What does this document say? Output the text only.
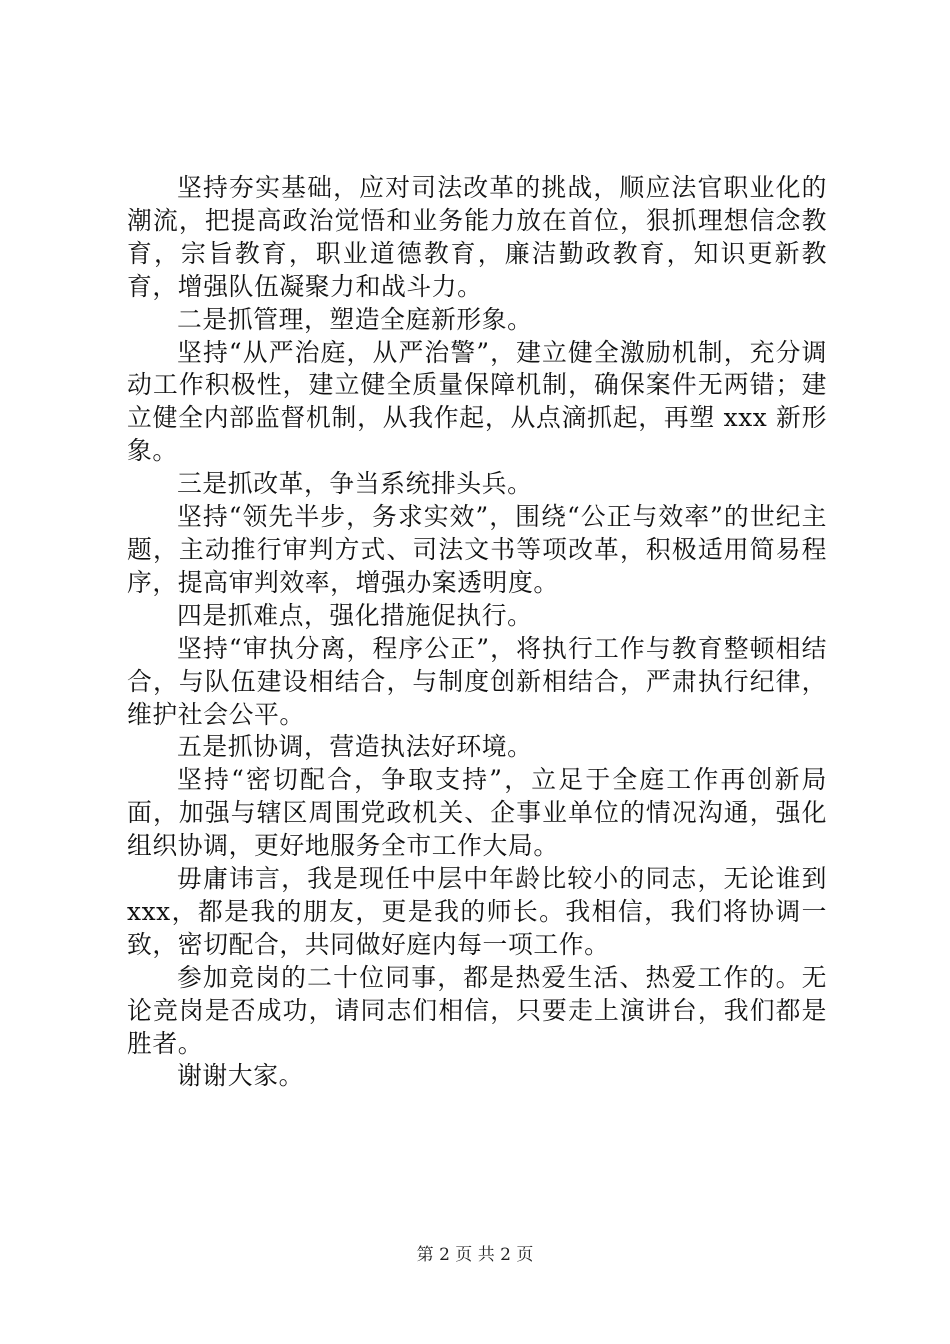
坚持夯实基础，应对司法改革的挑战，顺应法官职业化的潮流，把提高政治觉悟和业务能力放在首位，狠抓理想信念教育，宗旨教育，职业道德教育，廉洁勤政教育，知识更新教育，增强队伍凝聚力和战斗力。

二是抓管理，塑造全庭新形象。

坚持“从严治庭，从严治警”，建立健全激励机制，充分调动工作积极性，建立健全质量保障机制，确保案件无两错；建立健全内部监督机制，从我作起，从点滴抓起，再塑 xxx 新形象。

三是抓改革，争当系统排头兵。

坚持“领先半步，务求实效”，围绕“公正与效率”的世纪主题，主动推行审判方式、司法文书等项改革，积极适用简易程序，提高审判效率，增强办案透明度。

四是抓难点，强化措施促执行。

坚持“审执分离，程序公正”，将执行工作与教育整顿相结合，与队伍建设相结合，与制度创新相结合，严肃执行纪律，维护社会公平。

五是抓协调，营造执法好环境。

坚持“密切配合，争取支持”，立足于全庭工作再创新局面，加强与辖区周围党政机关、企事业单位的情况沟通，强化组织协调，更好地服务全市工作大局。

毋庸讳言，我是现任中层中年龄比较小的同志，无论谁到 xxx，都是我的朋友，更是我的师长。我相信，我们将协调一致，密切配合，共同做好庭内每一项工作。

参加竞岗的二十位同事，都是热爱生活、热爱工作的。无论竞岗是否成功，请同志们相信，只要走上演讲台，我们都是胜者。

谢谢大家。

第 2 页 共 2 页
